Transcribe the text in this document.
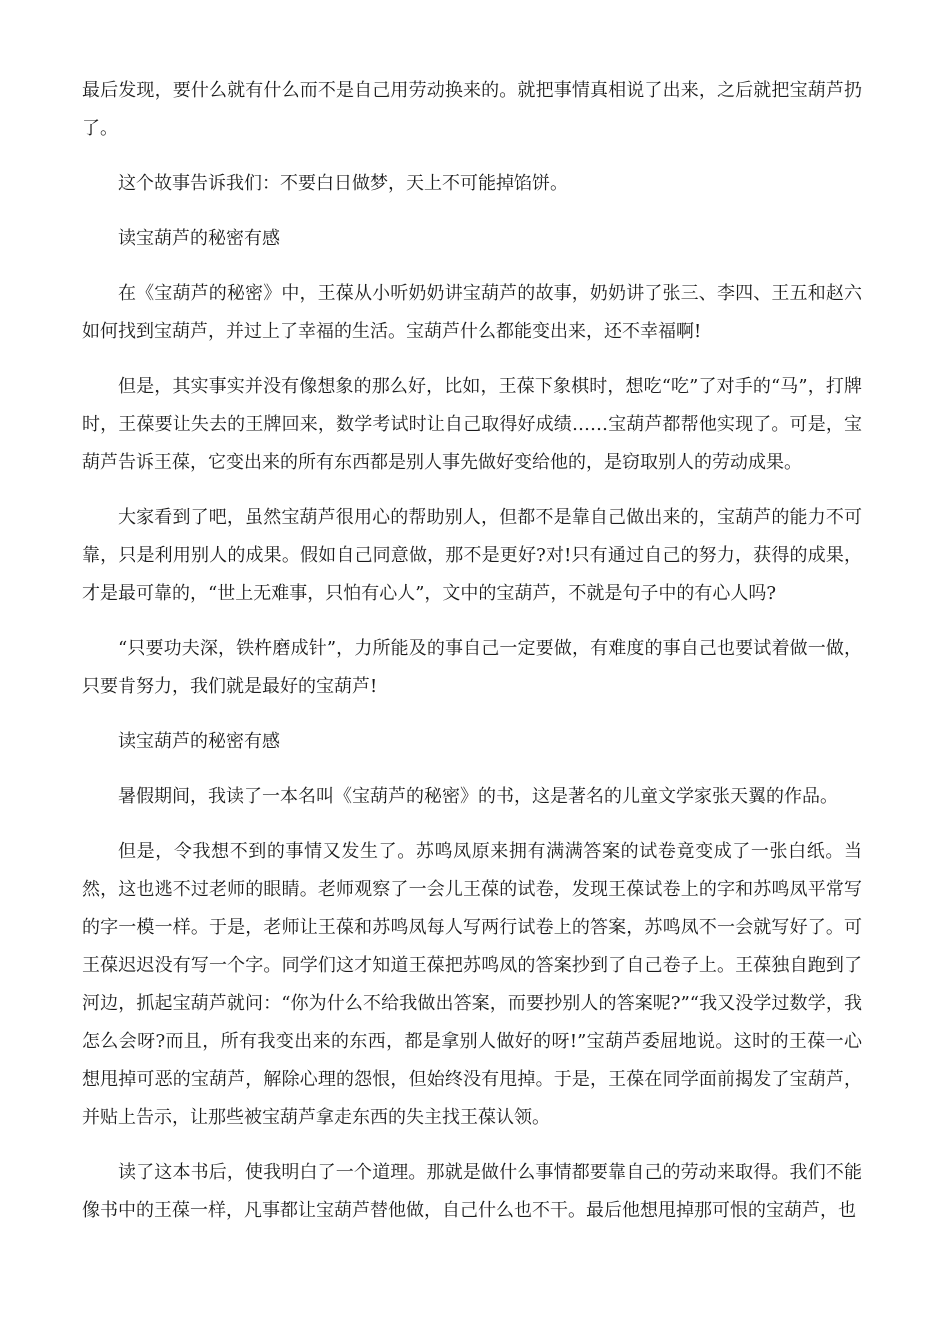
最后发现，要什么就有什么而不是自己用劳动换来的。就把事情真相说了出来，之后就把宝葫芦扔了。

这个故事告诉我们：不要白日做梦，天上不可能掉馅饼。

读宝葫芦的秘密有感

在《宝葫芦的秘密》中，王葆从小听奶奶讲宝葫芦的故事，奶奶讲了张三、李四、王五和赵六如何找到宝葫芦，并过上了幸福的生活。宝葫芦什么都能变出来，还不幸福啊!

但是，其实事实并没有像想象的那么好，比如，王葆下象棋时，想吃“吃”了对手的“马”，打牌时，王葆要让失去的王牌回来，数学考试时让自己取得好成绩……宝葫芦都帮他实现了。可是，宝葫芦告诉王葆，它变出来的所有东西都是别人事先做好变给他的，是窃取别人的劳动成果。

大家看到了吧，虽然宝葫芦很用心的帮助别人，但都不是靠自己做出来的，宝葫芦的能力不可靠，只是利用别人的成果。假如自己同意做，那不是更好?对!只有通过自己的努力，获得的成果，才是最可靠的，“世上无难事，只怕有心人”，文中的宝葫芦，不就是句子中的有心人吗?

“只要功夫深，铁杵磨成针”，力所能及的事自己一定要做，有难度的事自己也要试着做一做，只要肯努力，我们就是最好的宝葫芦!

读宝葫芦的秘密有感

暑假期间，我读了一本名叫《宝葫芦的秘密》的书，这是著名的儿童文学家张天翼的作品。

但是，令我想不到的事情又发生了。苏鸣凤原来拥有满满答案的试卷竟变成了一张白纸。当然，这也逃不过老师的眼睛。老师观察了一会儿王葆的试卷，发现王葆试卷上的字和苏鸣凤平常写的字一模一样。于是，老师让王葆和苏鸣凤每人写两行试卷上的答案，苏鸣凤不一会就写好了。可王葆迟迟没有写一个字。同学们这才知道王葆把苏鸣凤的答案抄到了自己卷子上。王葆独自跑到了河边，抓起宝葫芦就问：“你为什么不给我做出答案，而要抄别人的答案呢?”“我又没学过数学，我怎么会呀?而且，所有我变出来的东西，都是拿别人做好的呀!”宝葫芦委屈地说。这时的王葆一心想甩掉可恶的宝葫芦，解除心理的怨恨，但始终没有甩掉。于是，王葆在同学面前揭发了宝葫芦，并贴上告示，让那些被宝葫芦拿走东西的失主找王葆认领。

读了这本书后，使我明白了一个道理。那就是做什么事情都要靠自己的劳动来取得。我们不能像书中的王葆一样，凡事都让宝葫芦替他做，自己什么也不干。最后他想甩掉那可恨的宝葫芦，也
